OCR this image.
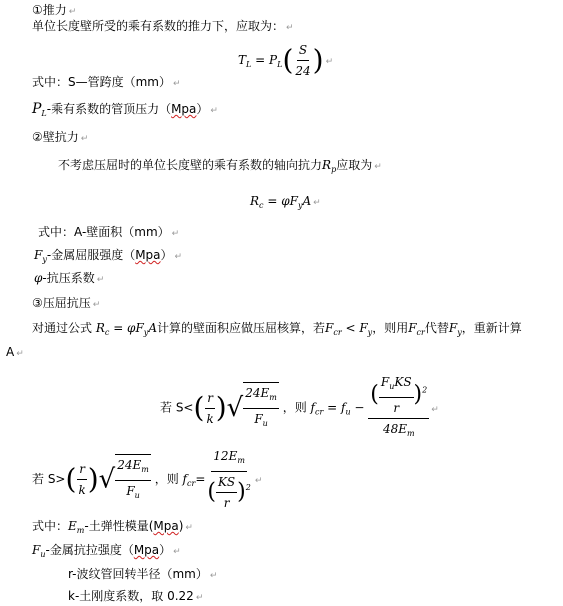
①推力 ↵
单位长度壁所受的乘有系数的推力下，应取为： ↵
$T_L = P_L( \frac{S}{24}$ ) ↵
式中：S—管跨度（mm） ↵
$P_L-$乘有系数的管顶压力（Mpa） ↵
②壁抗力 ↵
不考虑压屈时的单位长度壁的乘有系数的轴向抗力$R_p$应取为 ↵
$R_c = \varphi F_yA$ ↵
式中：A-壁面积（mm） ↵
$F_y-$金属屈服强度（Mpa） ↵
φ-抗压系数 ↵
③压屈抗压 ↵
对通过公式 $R_c = \varphi F_yA$计算的壁面积应做压屈核算，若$F_{cr} < F_y$，则用$F_{cr}$代替$F_y$，重新计算
A ↵
若 $S<( \frac{r}{k}$ )√ $\frac{24E_m}{F_u}$ ，则 $f_{cr} = f_u - \frac{( \frac{F_uKS}{r} )^2}{48E_m}$ ↵
若 $S>( \frac{r}{k}$ )√ $\frac{24E_m}{F_u}$ ，则 $f_{cr}= \frac{12E_m}{( \frac{KS}{r} )^2}$ ↵
式中：$E_m-$土弹性模量(Mpa) ↵
$F_u-$金属抗拉强度（Mpa） ↵
r-波纹管回转半径（mm） ↵
k-土刚度系数，取 0.22 ↵
